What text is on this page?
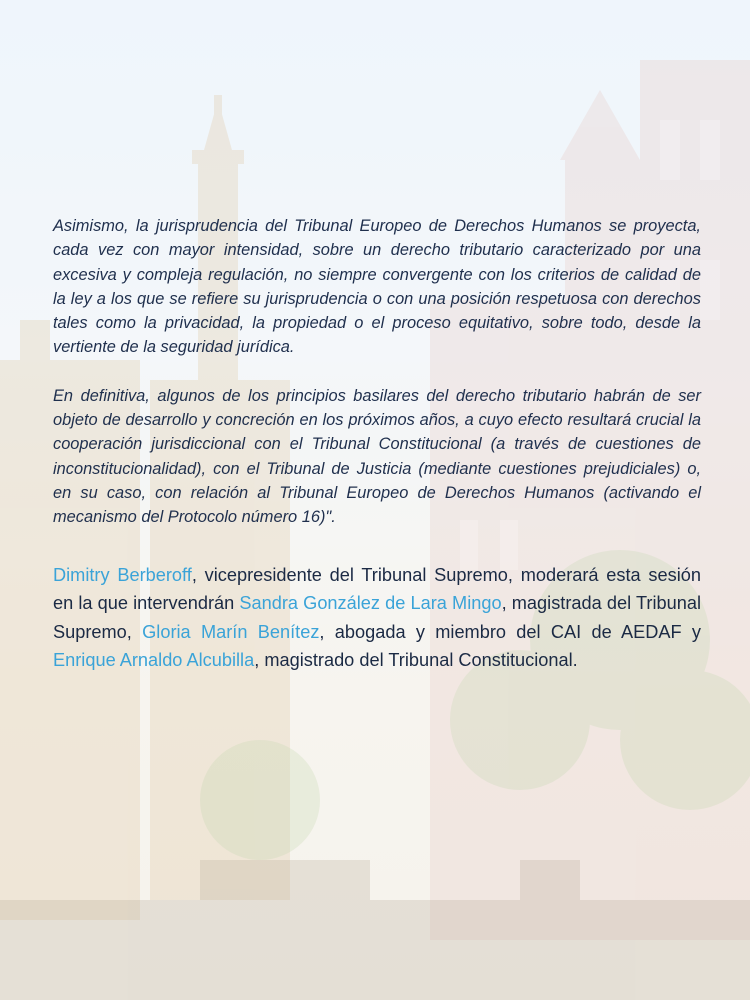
Asimismo, la jurisprudencia del Tribunal Europeo de Derechos Humanos se proyecta, cada vez con mayor intensidad, sobre un derecho tributario caracterizado por una excesiva y compleja regulación, no siempre convergente con los criterios de calidad de la ley a los que se refiere su jurisprudencia o con una posición respetuosa con derechos tales como la privacidad, la propiedad o el proceso equitativo, sobre todo, desde la vertiente de la seguridad jurídica.

En definitiva, algunos de los principios basilares del derecho tributario habrán de ser objeto de desarrollo y concreción en los próximos años, a cuyo efecto resultará crucial la cooperación jurisdiccional con el Tribunal Constitucional (a través de cuestiones de inconstitucionalidad), con el Tribunal de Justicia (mediante cuestiones prejudiciales) o, en su caso, con relación al Tribunal Europeo de Derechos Humanos (activando el mecanismo del Protocolo número 16)".

Dimitry Berberoff, vicepresidente del Tribunal Supremo, moderará esta sesión en la que intervendrán Sandra González de Lara Mingo, magistrada del Tribunal Supremo, Gloria Marín Benítez, abogada y miembro del CAI de AEDAF y Enrique Arnaldo Alcubilla, magistrado del Tribunal Constitucional.
